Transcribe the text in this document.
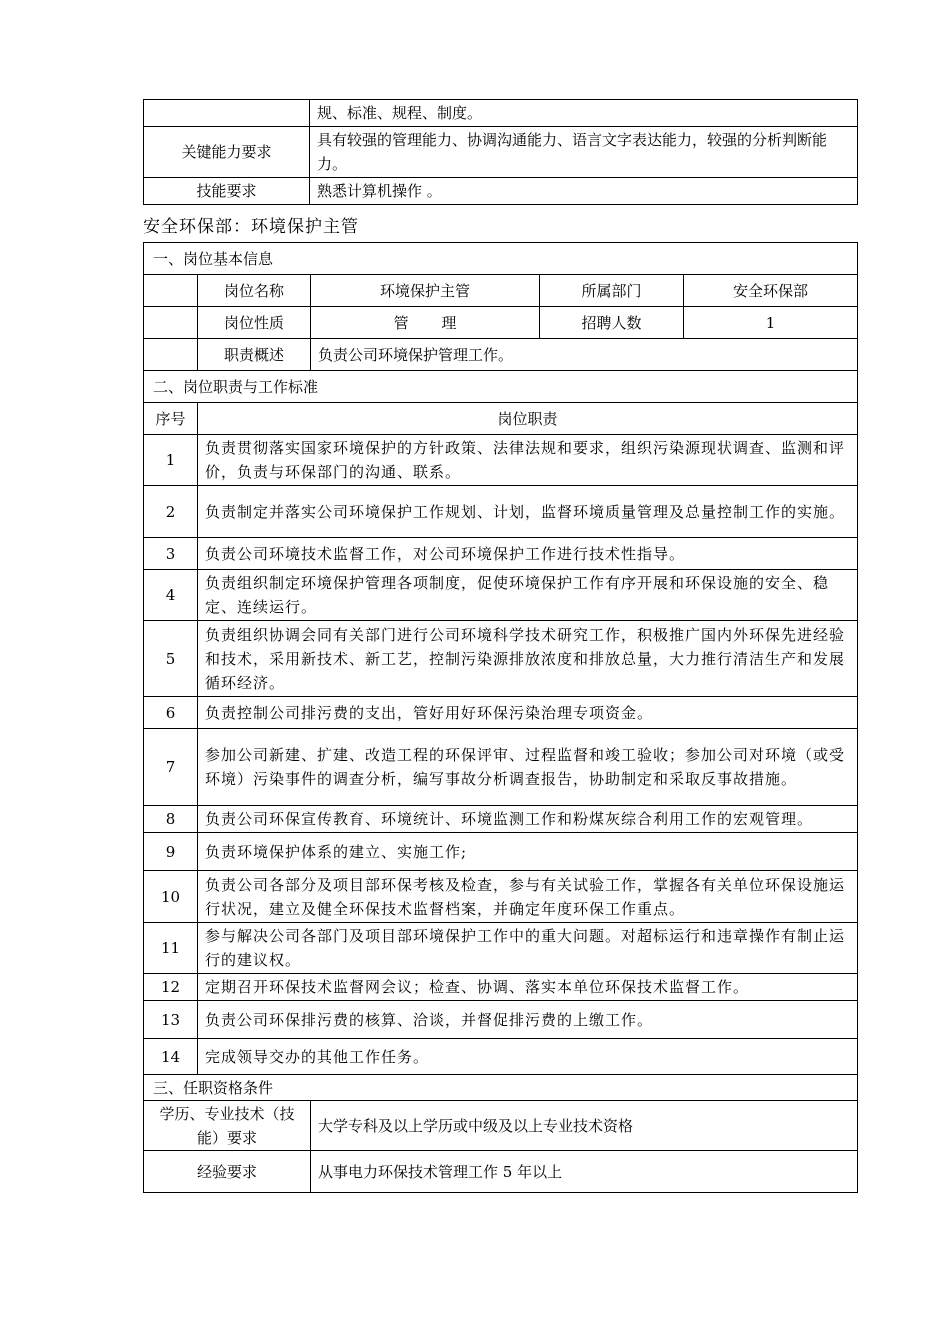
	规、标准、规程、制度。
关键能力要求	具有较强的管理能力、协调沟通能力、语言文字表达能力，较强的分析判断能力。
技能要求	熟悉计算机操作 。
安全环保部：环境保护主管
一、岗位基本信息				
	岗位名称	环境保护主管	所属部门	安全环保部
	岗位性质	管 理	招聘人数	1
	职责概述	负责公司环境保护管理工作。		
二、岗位职责与工作标准				
序号	岗位职责			
1	负责贯彻落实国家环境保护的方针政策、法律法规和要求，组织污染源现状调查、监测和评价，负责与环保部门的沟通、联系。			
2	负责制定并落实公司环境保护工作规划、计划，监督环境质量管理及总量控制工作的实施。			
3	负责公司环境技术监督工作，对公司环境保护工作进行技术性指导。			
4	负责组织制定环境保护管理各项制度，促使环境保护工作有序开展和环保设施的安全、稳定、连续运行。			
5	负责组织协调会同有关部门进行公司环境科学技术研究工作，积极推广国内外环保先进经验和技术，采用新技术、新工艺，控制污染源排放浓度和排放总量，大力推行清洁生产和发展循环经济。			
6	负责控制公司排污费的支出，管好用好环保污染治理专项资金。			
7	参加公司新建、扩建、改造工程的环保评审、过程监督和竣工验收；参加公司对环境（或受环境）污染事件的调查分析，编写事故分析调查报告，协助制定和采取反事故措施。			
8	负责公司环保宣传教育、环境统计、环境监测工作和粉煤灰综合利用工作的宏观管理。			
9	负责环境保护体系的建立、实施工作;			
10	负责公司各部分及项目部环保考核及检查，参与有关试验工作，掌握各有关单位环保设施运行状况，建立及健全环保技术监督档案，并确定年度环保工作重点。			
11	参与解决公司各部门及项目部环境保护工作中的重大问题。对超标运行和违章操作有制止运行的建议权。			
12	定期召开环保技术监督网会议；检查、协调、落实本单位环保技术监督工作。			
13	负责公司环保排污费的核算、洽谈，并督促排污费的上缴工作。			
14	完成领导交办的其他工作任务。			
三、任职资格条件				
学历、专业技术（技能）要求		大学专科及以上学历或中级及以上专业技术资格		
经验要求		从事电力环保技术管理工作 5 年以上		
